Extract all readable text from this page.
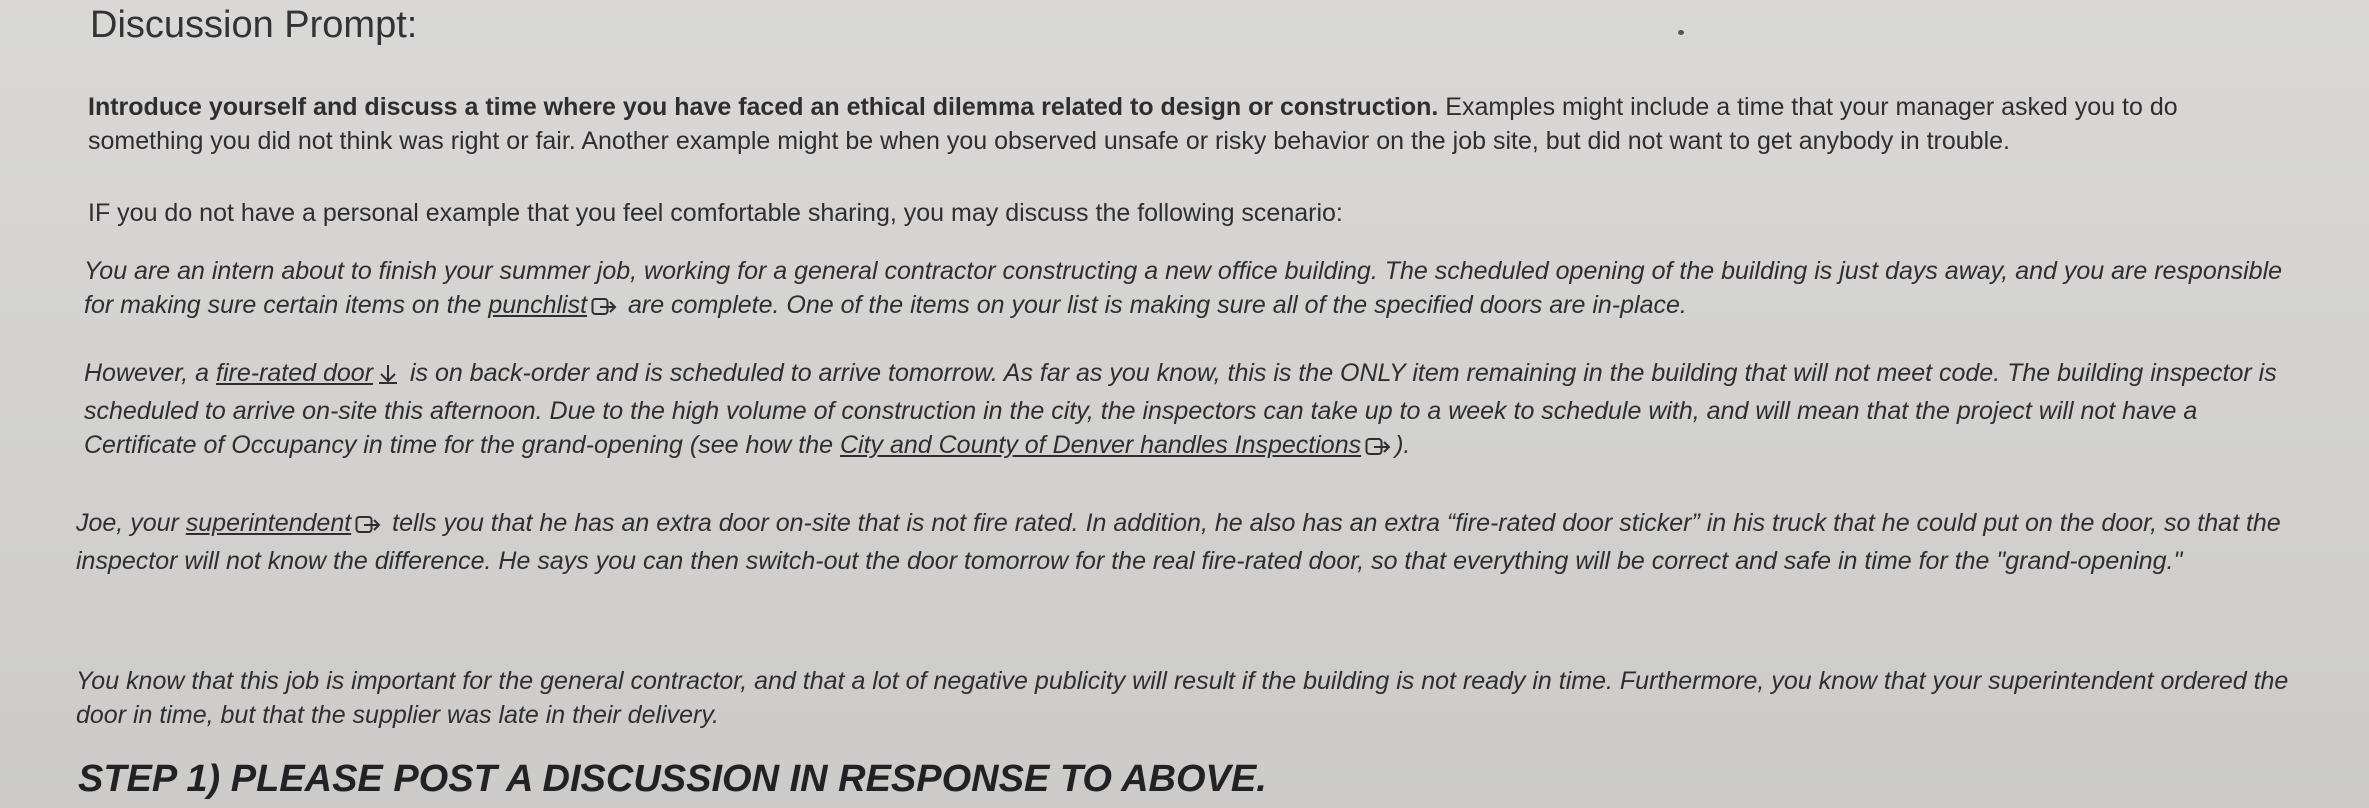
Discussion Prompt:

Introduce yourself and discuss a time where you have faced an ethical dilemma related to design or construction. Examples might include a time that your manager asked you to do something you did not think was right or fair. Another example might be when you observed unsafe or risky behavior on the job site, but did not want to get anybody in trouble.

IF you do not have a personal example that you feel comfortable sharing, you may discuss the following scenario:

You are an intern about to finish your summer job, working for a general contractor constructing a new office building. The scheduled opening of the building is just days away, and you are responsible for making sure certain items on the punchlist are complete. One of the items on your list is making sure all of the specified doors are in-place.

However, a fire-rated door is on back-order and is scheduled to arrive tomorrow. As far as you know, this is the ONLY item remaining in the building that will not meet code. The building inspector is scheduled to arrive on-site this afternoon. Due to the high volume of construction in the city, the inspectors can take up to a week to schedule with, and will mean that the project will not have a Certificate of Occupancy in time for the grand-opening (see how the City and County of Denver handles Inspections ).

Joe, your superintendent tells you that he has an extra door on-site that is not fire rated. In addition, he also has an extra “fire-rated door sticker” in his truck that he could put on the door, so that the inspector will not know the difference. He says you can then switch-out the door tomorrow for the real fire-rated door, so that everything will be correct and safe in time for the "grand-opening."

You know that this job is important for the general contractor, and that a lot of negative publicity will result if the building is not ready in time. Furthermore, you know that your superintendent ordered the door in time, but that the supplier was late in their delivery.

STEP 1) PLEASE POST A DISCUSSION IN RESPONSE TO ABOVE.
